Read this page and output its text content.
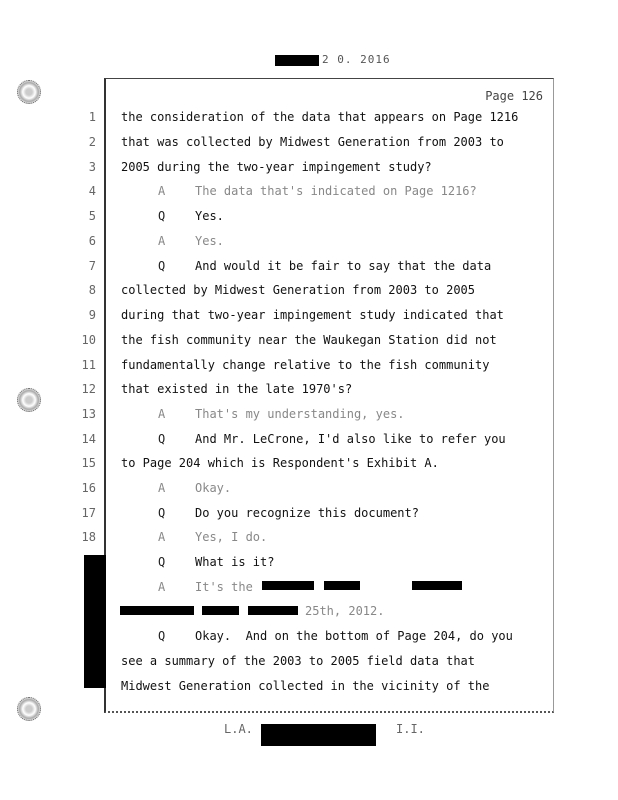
2 0. 2016
Page 126
1 the consideration of the data that appears on Page 1216
2 that was collected by Midwest Generation from 2003 to
3 2005 during the two-year impingement study?
4	A The data that's indicated on Page 1216?
5	Q Yes.
6	A Yes.
7	Q And would it be fair to say that the data
8 collected by Midwest Generation from 2003 to 2005
9 during that two-year impingement study indicated that
10 the fish community near the Waukegan Station did not
11 fundamentally change relative to the fish community
12 that existed in the late 1970's?
13	A That's my understanding, yes.
14	Q And Mr. LeCrone, I'd also like to refer you
15 to Page 204 which is Respondent's Exhibit A.
16	A Okay.
17	Q Do you recognize this document?
18	A Yes, I do.
Q What is it?
A It's the
25th, 2012.
Q Okay.  And on the bottom of Page 204, do you
see a summary of the 2003 to 2005 field data that
Midwest Generation collected in the vicinity of the
L.A.	I.I.
